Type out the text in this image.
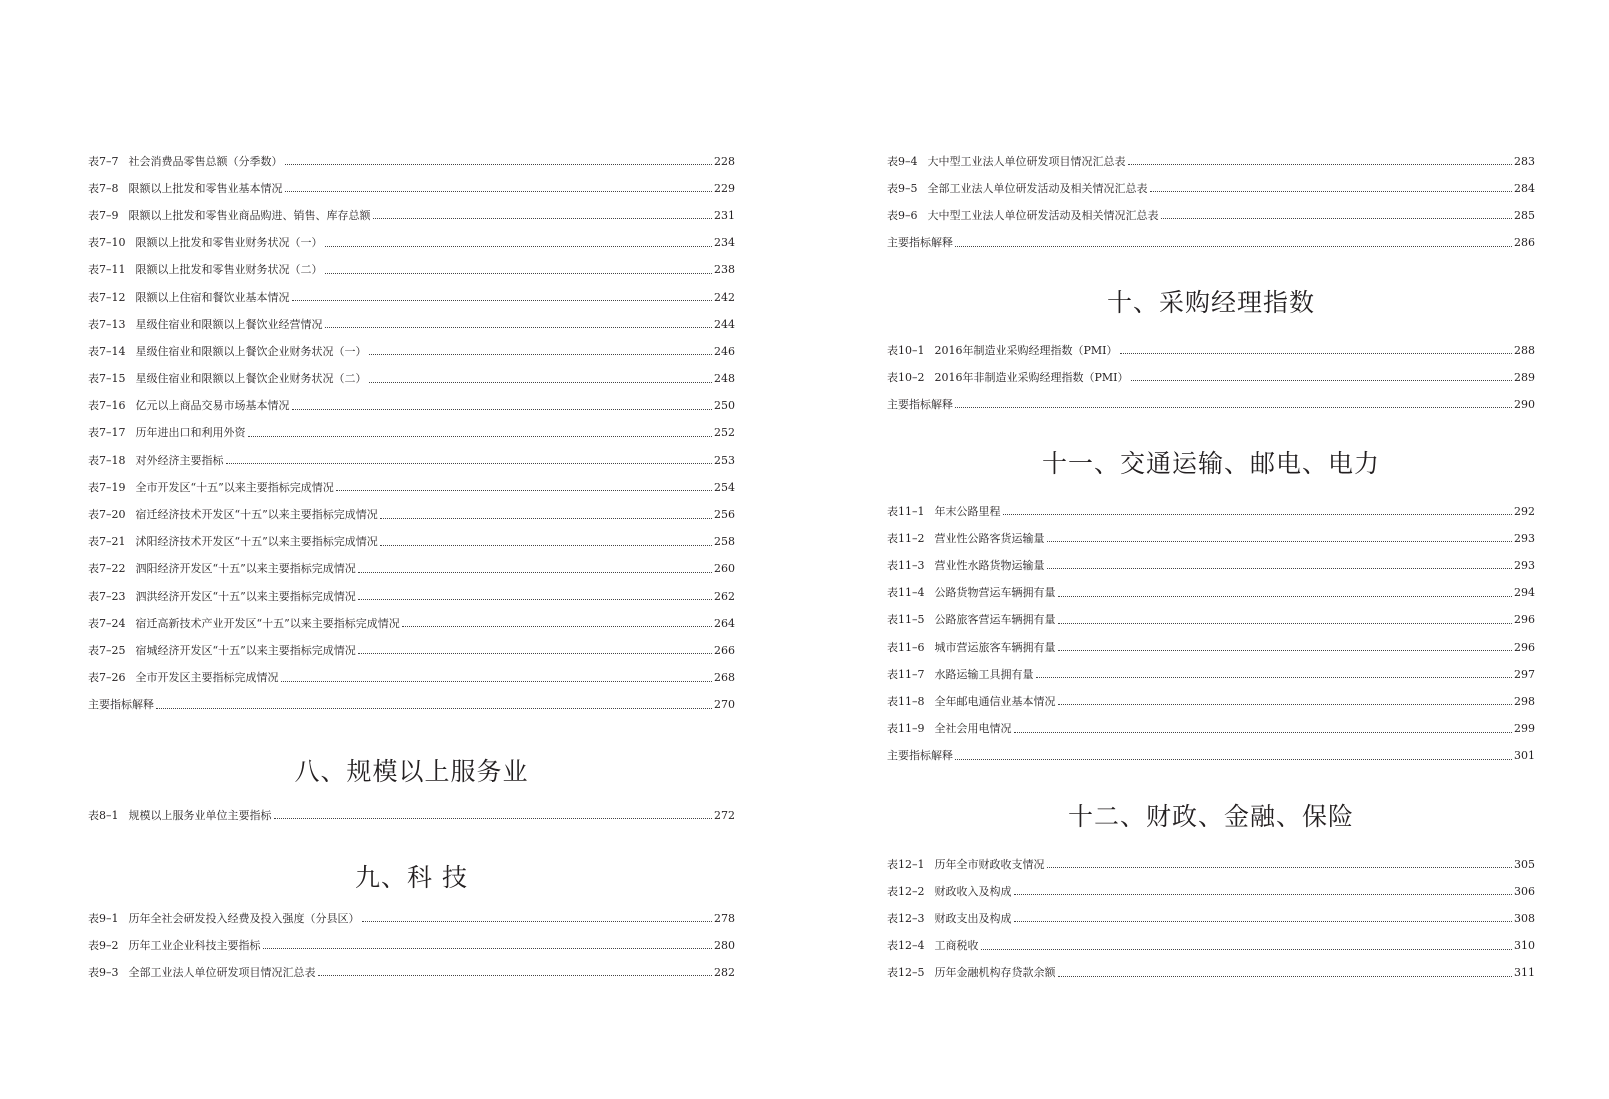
表7–7 社会消费品零售总额（分季数）	228
表7–8 限额以上批发和零售业基本情况	229
表7–9 限额以上批发和零售业商品购进、销售、库存总额	231
表7–10 限额以上批发和零售业财务状况（一）	234
表7–11 限额以上批发和零售业财务状况（二）	238
表7–12 限额以上住宿和餐饮业基本情况	242
表7–13 星级住宿业和限额以上餐饮业经营情况	244
表7–14 星级住宿业和限额以上餐饮企业财务状况（一）	246
表7–15 星级住宿业和限额以上餐饮企业财务状况（二）	248
表7–16 亿元以上商品交易市场基本情况	250
表7–17 历年进出口和利用外资	252
表7–18 对外经济主要指标	253
表7–19 全市开发区“十五”以来主要指标完成情况	254
表7–20 宿迁经济技术开发区“十五”以来主要指标完成情况	256
表7–21 沭阳经济技术开发区“十五”以来主要指标完成情况	258
表7–22 泗阳经济开发区“十五”以来主要指标完成情况	260
表7–23 泗洪经济开发区“十五”以来主要指标完成情况	262
表7–24 宿迁高新技术产业开发区“十五”以来主要指标完成情况	264
表7–25 宿城经济开发区“十五”以来主要指标完成情况	266
表7–26 全市开发区主要指标完成情况	268
主要指标解释	270
八、规模以上服务业
表8–1 规模以上服务业单位主要指标	272
九、科 技
表9–1 历年全社会研发投入经费及投入强度（分县区）	278
表9–2 历年工业企业科技主要指标	280
表9–3 全部工业法人单位研发项目情况汇总表	282
表9–4 大中型工业法人单位研发项目情况汇总表	283
表9–5 全部工业法人单位研发活动及相关情况汇总表	284
表9–6 大中型工业法人单位研发活动及相关情况汇总表	285
主要指标解释	286
十、采购经理指数
表10–1 2016年制造业采购经理指数（PMI）	288
表10–2 2016年非制造业采购经理指数（PMI）	289
主要指标解释	290
十一、交通运输、邮电、电力
表11–1 年末公路里程	292
表11–2 营业性公路客货运输量	293
表11–3 营业性水路货物运输量	293
表11–4 公路货物营运车辆拥有量	294
表11–5 公路旅客营运车辆拥有量	296
表11–6 城市营运旅客车辆拥有量	296
表11–7 水路运输工具拥有量	297
表11–8 全年邮电通信业基本情况	298
表11–9 全社会用电情况	299
主要指标解释	301
十二、财政、金融、保险
表12–1 历年全市财政收支情况	305
表12–2 财政收入及构成	306
表12–3 财政支出及构成	308
表12–4 工商税收	310
表12–5 历年金融机构存贷款余额	311
